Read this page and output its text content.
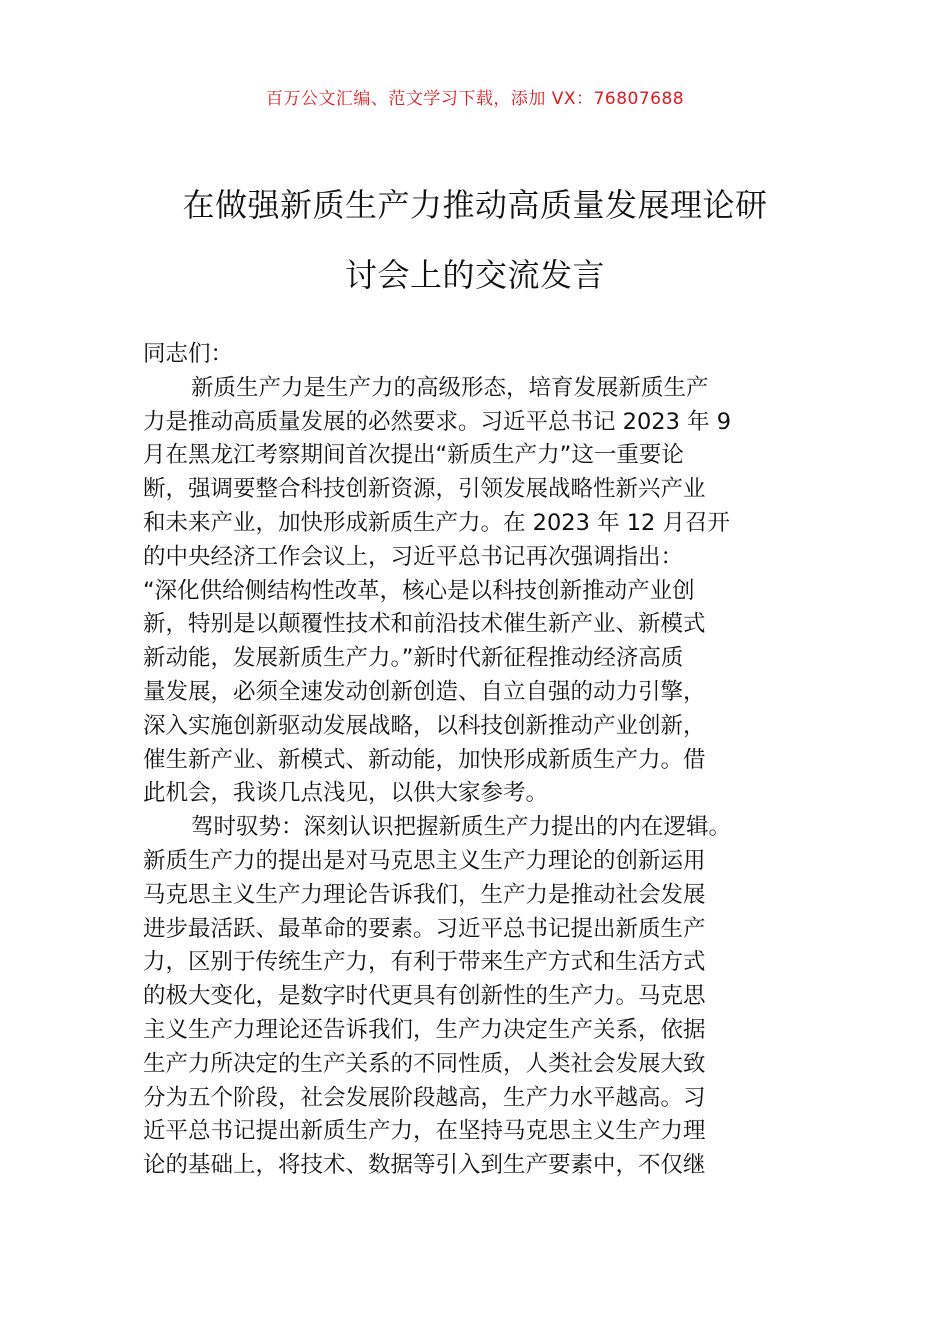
百万公文汇编、范文学习下载，添加 VX：76807688
在做强新质生产力推动高质量发展理论研
讨会上的交流发言
同志们：
新质生产力是生产力的高级形态，培育发展新质生产
力是推动高质量发展的必然要求。习近平总书记 2023 年 9
月在黑龙江考察期间首次提出“新质生产力”这一重要论
断，强调要整合科技创新资源，引领发展战略性新兴产业
和未来产业，加快形成新质生产力。在 2023 年 12 月召开
的中央经济工作会议上，习近平总书记再次强调指出：
“深化供给侧结构性改革，核心是以科技创新推动产业创
新，特别是以颠覆性技术和前沿技术催生新产业、新模式
新动能，发展新质生产力。”新时代新征程推动经济高质
量发展，必须全速发动创新创造、自立自强的动力引擎，
深入实施创新驱动发展战略，以科技创新推动产业创新，
催生新产业、新模式、新动能，加快形成新质生产力。借
此机会，我谈几点浅见，以供大家参考。
驾时驭势：深刻认识把握新质生产力提出的内在逻辑。
新质生产力的提出是对马克思主义生产力理论的创新运用
马克思主义生产力理论告诉我们，生产力是推动社会发展
进步最活跃、最革命的要素。习近平总书记提出新质生产
力，区别于传统生产力，有利于带来生产方式和生活方式
的极大变化，是数字时代更具有创新性的生产力。马克思
主义生产力理论还告诉我们，生产力决定生产关系，依据
生产力所决定的生产关系的不同性质，人类社会发展大致
分为五个阶段，社会发展阶段越高，生产力水平越高。习
近平总书记提出新质生产力，在坚持马克思主义生产力理
论的基础上，将技术、数据等引入到生产要素中，不仅继
